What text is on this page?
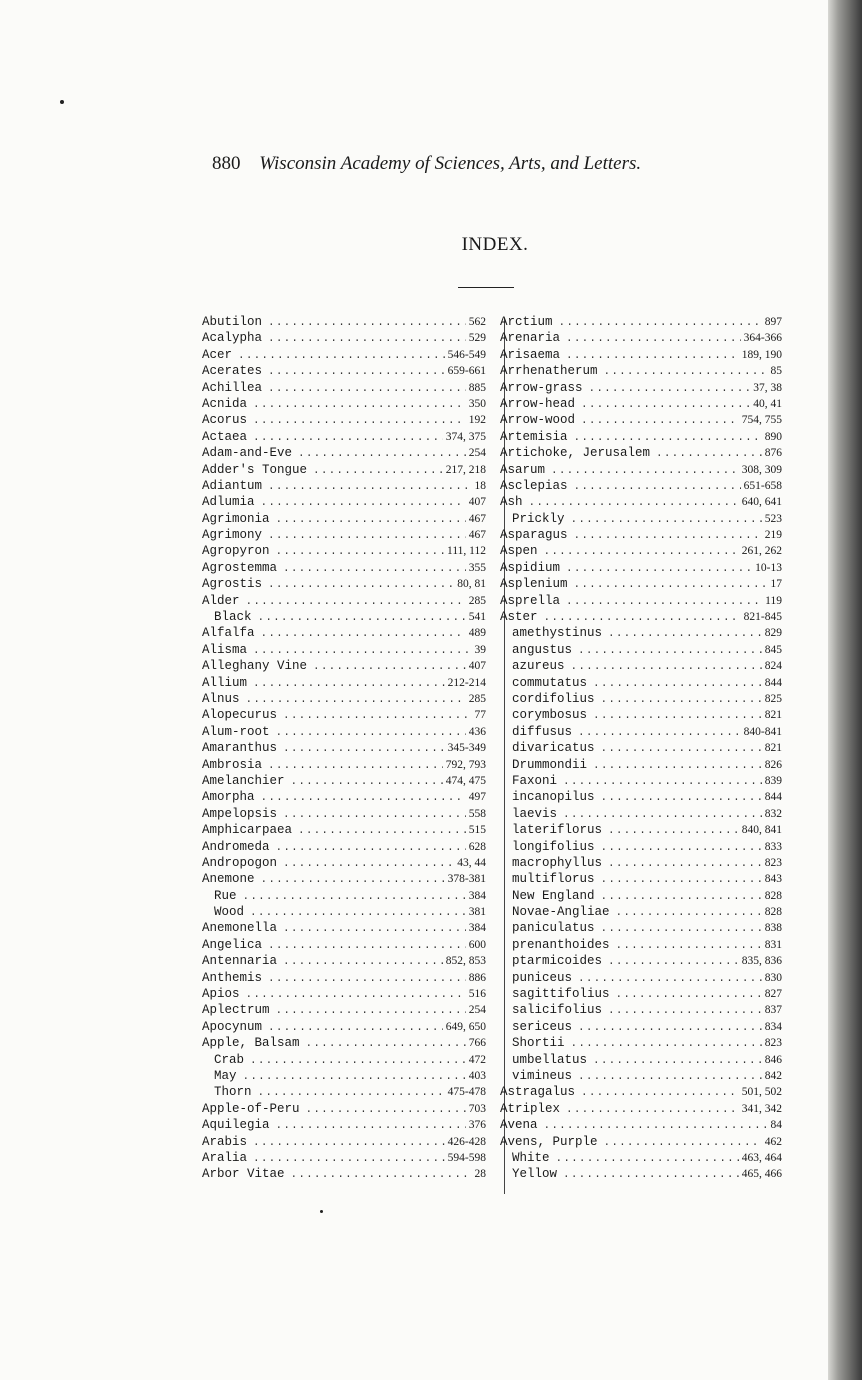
880 Wisconsin Academy of Sciences, Arts, and Letters.
INDEX.
Abutilon .....	562
Acalypha .....	529
Acer .....	546-549
Acerates .....	659-661
Achillea .....	885
Acnida .....	350
Acorus .....	192
Actaea .....	374, 375
Adam-and-Eve .....	254
Adder's Tongue .....	217, 218
Adiantum .....	18
Adlumia .....	407
Agrimonia .....	467
Agrimony .....	467
Agropyron .....	111, 112
Agrostemma .....	355
Agrostis .....	80, 81
Alder .....	285
Black .....	541
Alfalfa .....	489
Alisma .....	39
Alleghany Vine .....	407
Allium .....	212-214
Alnus .....	285
Alopecurus .....	77
Alum-root .....	436
Amaranthus .....	345-349
Ambrosia .....	792, 793
Amelanchier .....	474, 475
Amorpha .....	497
Ampelopsis .....	558
Amphicarpaea .....	515
Andromeda .....	628
Andropogon .....	43, 44
Anemone .....	378-381
Rue .....	384
Wood .....	381
Anemonella .....	384
Angelica .....	600
Antennaria .....	852, 853
Anthemis .....	886
Apios .....	516
Aplectrum .....	254
Apocynum .....	649, 650
Apple, Balsam .....	766
Crab .....	472
May .....	403
Thorn .....	475-478
Apple-of-Peru .....	703
Aquilegia .....	376
Arabis .....	426-428
Aralia .....	594-598
Arbor Vitae .....	28
Arctium .....	897
Arenaria .....	364-366
Arisaema .....	189, 190
Arrhenatherum .....	85
Arrow-grass .....	37, 38
Arrow-head .....	40, 41
Arrow-wood .....	754, 755
Artemisia .....	890
Artichoke, Jerusalem .....	876
Asarum .....	308, 309
Asclepias .....	651-658
Ash .....	640, 641
Prickly .....	523
Asparagus .....	219
Aspen .....	261, 262
Aspidium .....	10-13
Asplenium .....	17
Asprella .....	119
Aster .....	821-845
amethystinus .....	829
angustus .....	845
azureus .....	824
commutatus .....	844
cordifolius .....	825
corymbosus .....	821
diffusus .....	840-841
divaricatus .....	821
Drummondii .....	826
Faxoni .....	839
incanopilus .....	844
laevis .....	832
lateriflorus .....	840, 841
longifolius .....	833
macrophyllus .....	823
multiflorus .....	843
New England .....	828
Novae-Angliae .....	828
paniculatus .....	838
prenanthoides .....	831
ptarmicoides .....	835, 836
puniceus .....	830
sagittifolius .....	827
salicifolius .....	837
sericeus .....	834
Shortii .....	823
umbellatus .....	846
vimineus .....	842
Astragalus .....	501, 502
Atriplex .....	341, 342
Avena .....	84
Avens, Purple .....	462
White .....	463, 464
Yellow .....	465, 466
